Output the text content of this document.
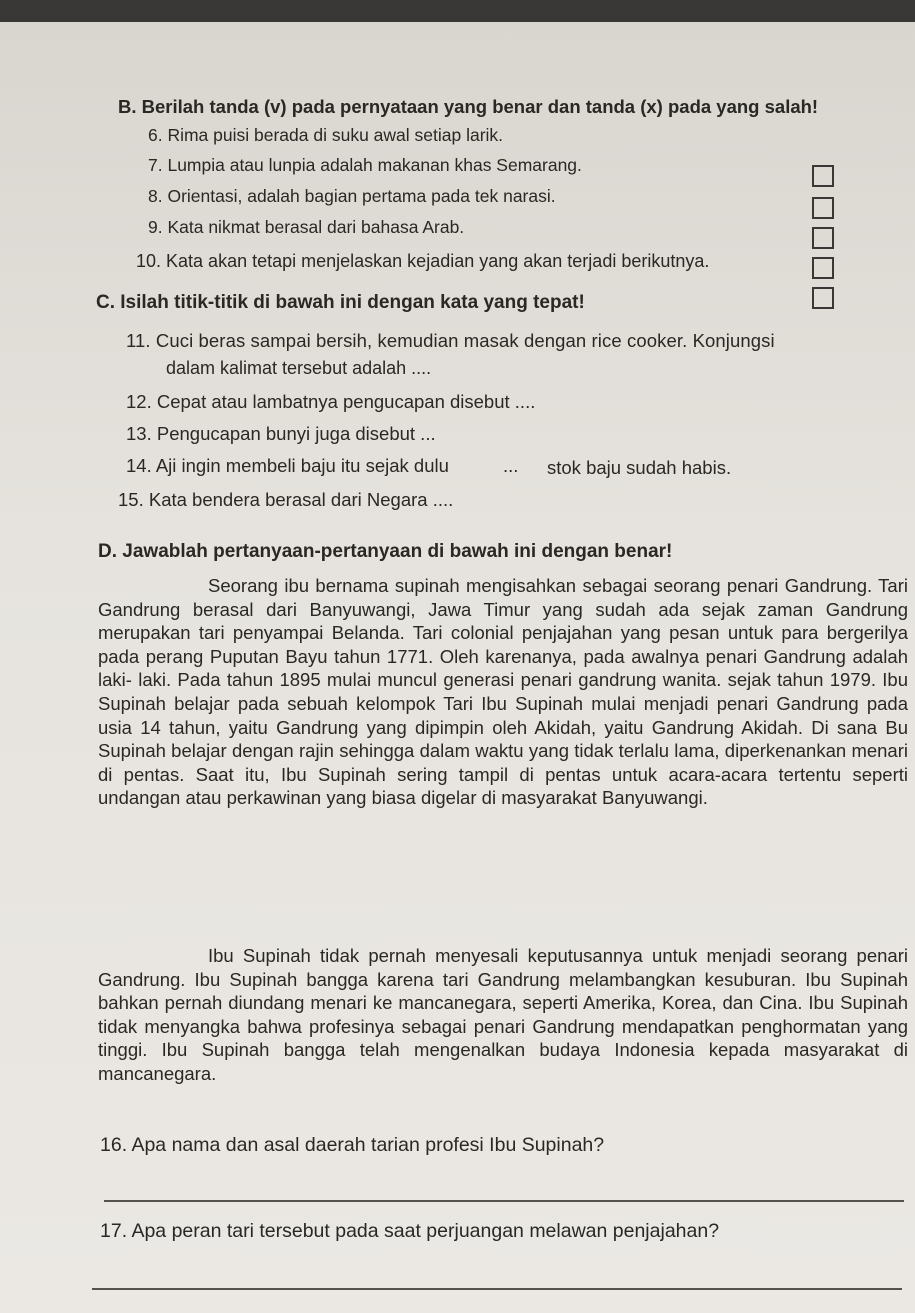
B. Berilah tanda (v) pada pernyataan yang benar dan tanda (x) pada yang salah!
6. Rima puisi berada di suku awal setiap larik.
7. Lumpia atau lunpia adalah makanan khas Semarang.
8. Orientasi, adalah bagian pertama pada tek narasi.
9. Kata nikmat berasal dari bahasa Arab.
10. Kata akan tetapi menjelaskan kejadian yang akan terjadi berikutnya.
C. Isilah titik-titik di bawah ini dengan kata yang tepat!
11. Cuci beras sampai bersih, kemudian masak dengan rice cooker. Konjungsi
dalam kalimat tersebut adalah ....
12. Cepat atau lambatnya pengucapan disebut ....
13. Pengucapan bunyi juga disebut ...
14. Aji ingin membeli baju itu sejak dulu	... stok baju sudah habis.
15. Kata bendera berasal dari Negara ....
D. Jawablah pertanyaan-pertanyaan di bawah ini dengan benar!
Seorang ibu bernama supinah mengisahkan sebagai seorang penari Gandrung. Tari Gandrung berasal dari Banyuwangi, Jawa Timur yang sudah ada sejak zaman Gandrung merupakan tari penyampai Belanda. Tari colonial penjajahan yang pesan untuk para bergerilya pada perang Puputan Bayu tahun 1771. Oleh karenanya, pada awalnya penari Gandrung adalah laki- laki. Pada tahun 1895 mulai muncul generasi penari gandrung wanita. sejak tahun 1979. Ibu Supinah belajar pada sebuah kelompok Tari Ibu Supinah mulai menjadi penari Gandrung pada usia 14 tahun, yaitu Gandrung yang dipimpin oleh Akidah, yaitu Gandrung Akidah. Di sana Bu Supinah belajar dengan rajin sehingga dalam waktu yang tidak terlalu lama, diperkenankan menari di pentas. Saat itu, Ibu Supinah sering tampil di pentas untuk acara-acara tertentu seperti undangan atau perkawinan yang biasa digelar di masyarakat Banyuwangi.
Ibu Supinah tidak pernah menyesali keputusannya untuk menjadi seorang penari Gandrung. Ibu Supinah bangga karena tari Gandrung melambangkan kesuburan. Ibu Supinah bahkan pernah diundang menari ke mancanegara, seperti Amerika, Korea, dan Cina. Ibu Supinah tidak menyangka bahwa profesinya sebagai penari Gandrung mendapatkan penghormatan yang tinggi. Ibu Supinah bangga telah mengenalkan budaya Indonesia kepada masyarakat di mancanegara.
16. Apa nama dan asal daerah tarian profesi Ibu Supinah?
17. Apa peran tari tersebut pada saat perjuangan melawan penjajahan?
